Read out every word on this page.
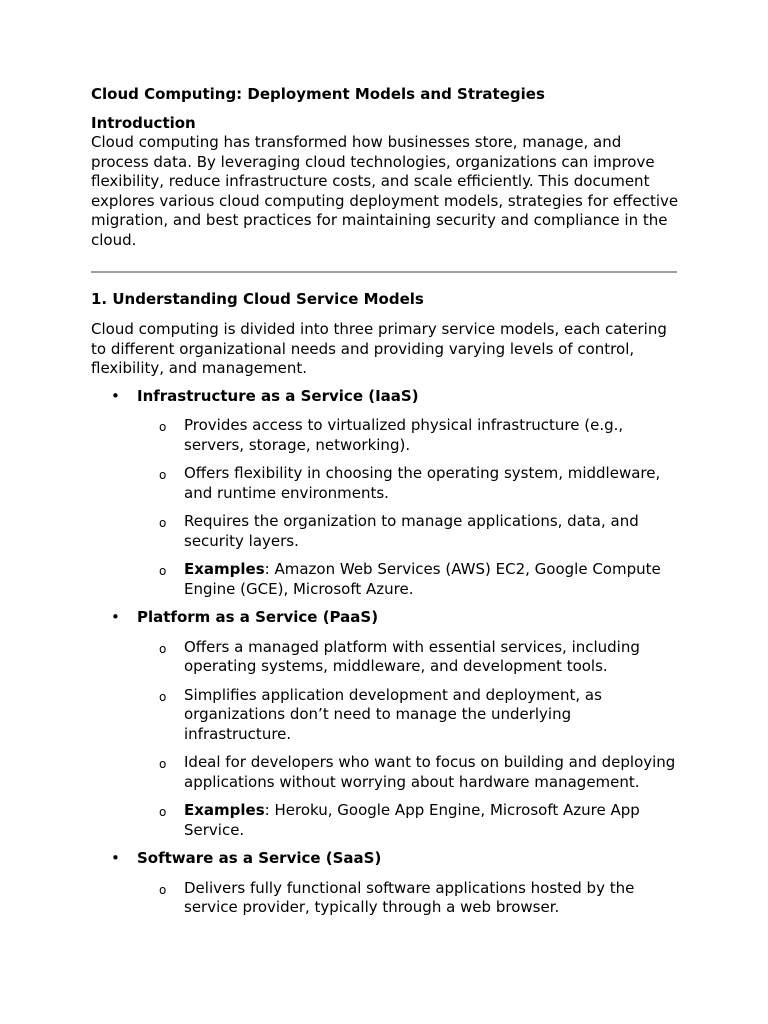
Cloud Computing: Deployment Models and Strategies

Introduction

Cloud computing has transformed how businesses store, manage, and process data. By leveraging cloud technologies, organizations can improve flexibility, reduce infrastructure costs, and scale efficiently. This document explores various cloud computing deployment models, strategies for effective migration, and best practices for maintaining security and compliance in the cloud.

1. Understanding Cloud Service Models

Cloud computing is divided into three primary service models, each catering to different organizational needs and providing varying levels of control, flexibility, and management.

• Infrastructure as a Service (IaaS)

o Provides access to virtualized physical infrastructure (e.g., servers, storage, networking).
o Offers flexibility in choosing the operating system, middleware, and runtime environments.
o Requires the organization to manage applications, data, and security layers.
o Examples: Amazon Web Services (AWS) EC2, Google Compute Engine (GCE), Microsoft Azure.
• Platform as a Service (PaaS)

o Offers a managed platform with essential services, including operating systems, middleware, and development tools.
o Simplifies application development and deployment, as organizations don’t need to manage the underlying infrastructure.
o Ideal for developers who want to focus on building and deploying applications without worrying about hardware management.
o Examples: Heroku, Google App Engine, Microsoft Azure App Service.
• Software as a Service (SaaS)

o Delivers fully functional software applications hosted by the service provider, typically through a web browser.
